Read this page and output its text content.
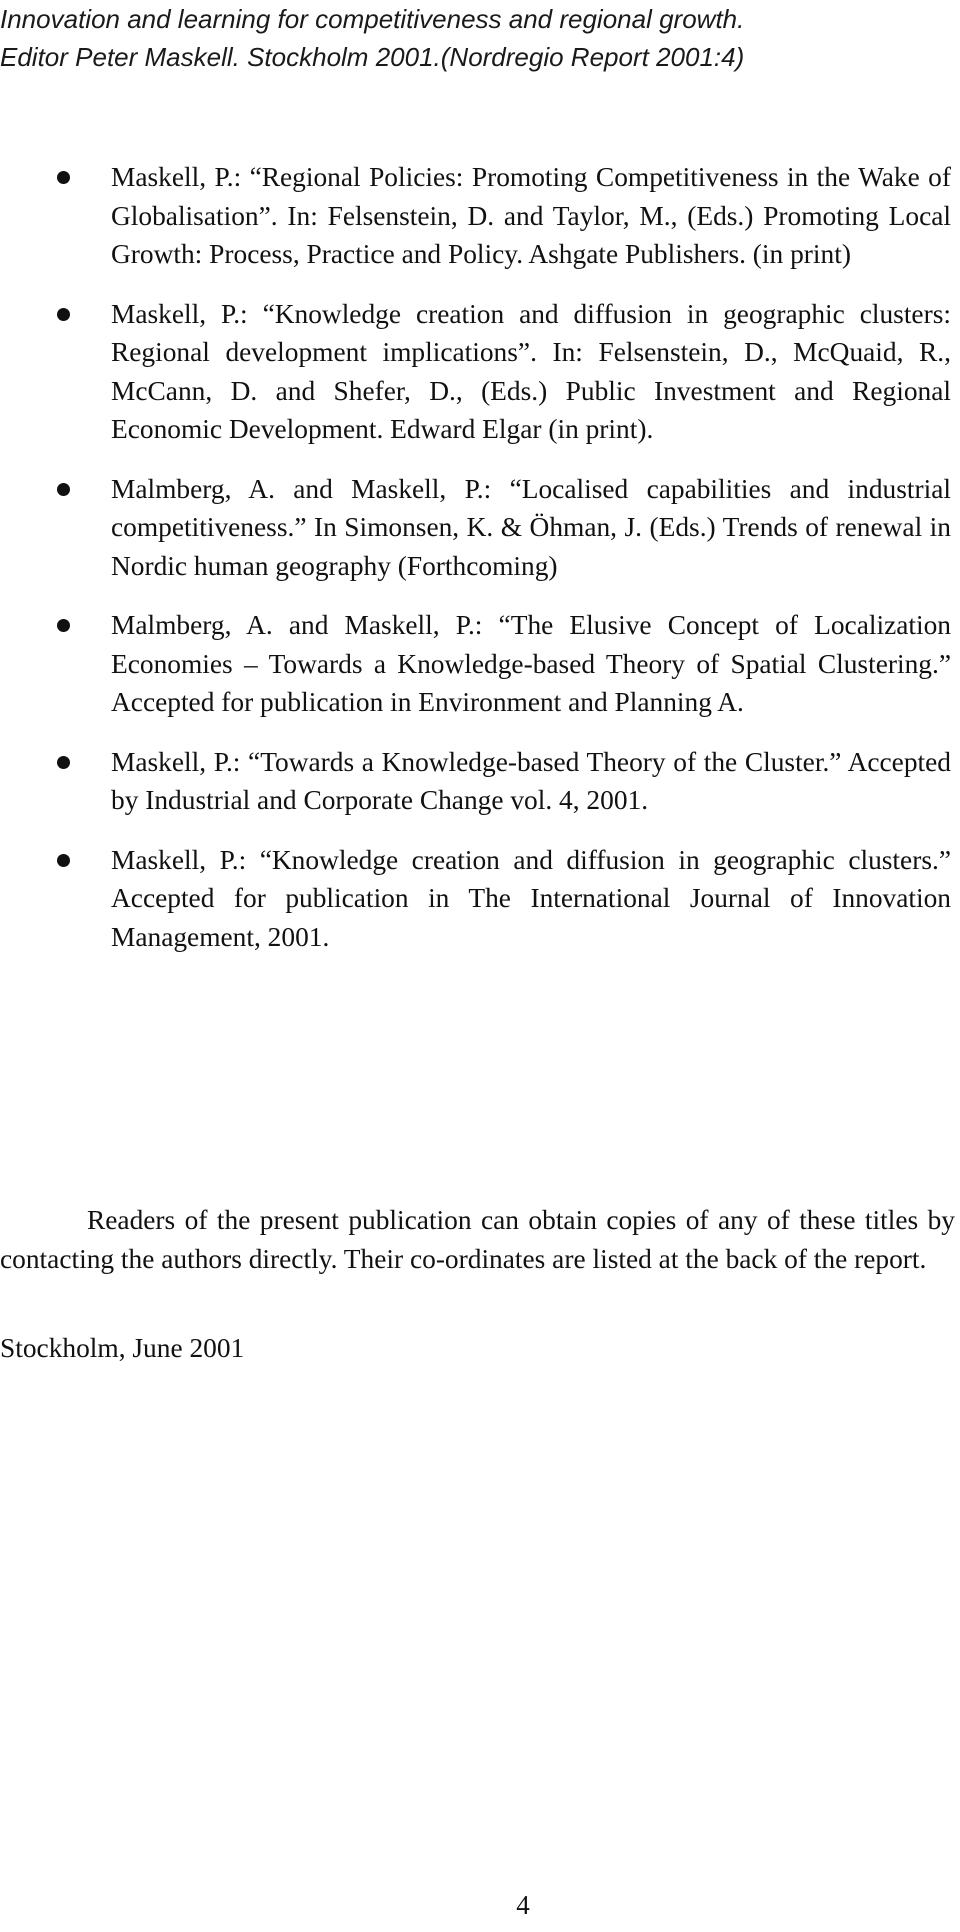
Innovation and learning for competitiveness and regional growth.
Editor Peter Maskell. Stockholm 2001.(Nordregio Report 2001:4)
Maskell, P.: “Regional Policies: Promoting Competitiveness in the Wake of Globalisation”. In: Felsenstein, D. and Taylor, M., (Eds.) Promoting Local Growth: Process, Practice and Policy. Ashgate Publishers. (in print)
Maskell, P.: “Knowledge creation and diffusion in geographic clusters: Regional development implications”. In: Felsenstein, D., McQuaid, R., McCann, D. and Shefer, D., (Eds.) Public Investment and Regional Economic Development. Edward Elgar (in print).
Malmberg, A. and Maskell, P.: “Localised capabilities and industrial competitiveness.” In Simonsen, K. & Öhman, J. (Eds.) Trends of renewal in Nordic human geography (Forthcoming)
Malmberg, A. and Maskell, P.: “The Elusive Concept of Localization Economies – Towards a Knowledge-based Theory of Spatial Clustering.” Accepted for publication in Environment and Planning A.
Maskell, P.: “Towards a Knowledge-based Theory of the Cluster.” Accepted by Industrial and Corporate Change vol. 4, 2001.
Maskell, P.: “Knowledge creation and diffusion in geographic clusters.” Accepted for publication in The International Journal of Innovation Management, 2001.

Readers of the present publication can obtain copies of any of these titles by contacting the authors directly. Their co-ordinates are listed at the back of the report.

Stockholm, June 2001
4
